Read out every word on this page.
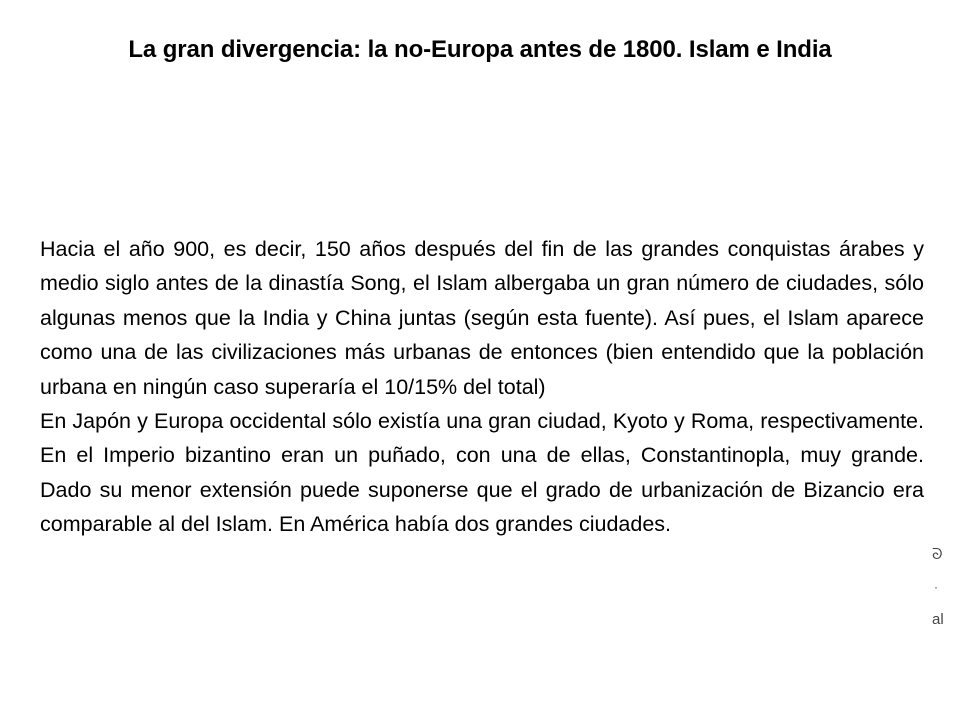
La gran divergencia: la no-Europa antes de 1800. Islam e India

Hacia el año 900, es decir, 150 años después del fin de las grandes conquistas árabes y medio siglo antes de la dinastía Song, el Islam albergaba un gran número de ciudades, sólo algunas menos que la India y China juntas (según esta fuente). Así pues, el Islam aparece como una de las civilizaciones más urbanas de entonces (bien entendido que la población urbana en ningún caso superaría el 10/15% del total)

En Japón y Europa occidental sólo existía una gran ciudad, Kyoto y Roma, respectivamente. En el Imperio bizantino eran un puñado, con una de ellas, Constantinopla, muy grande. Dado su menor extensión puede suponerse que el grado de urbanización de Bizancio era comparable al del Islam. En América había dos grandes ciudades.

ᘐ
·
al
